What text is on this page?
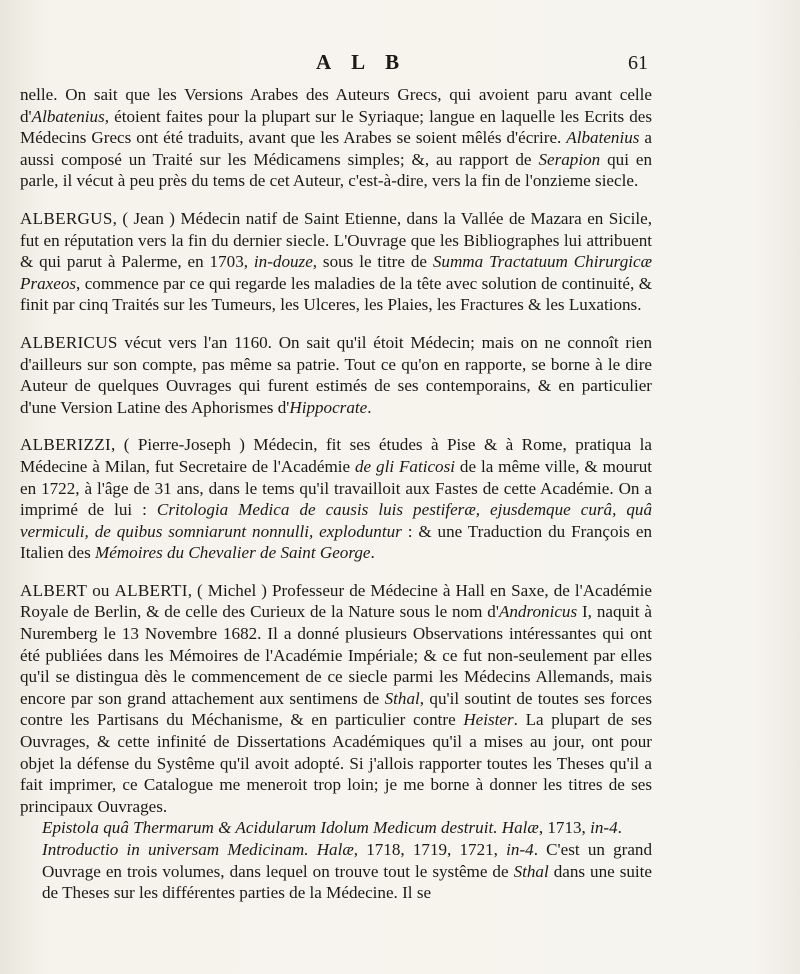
ALB	61

nelle. On sait que les Versions Arabes des Auteurs Grecs, qui avoient paru avant celle d'Albatenius, étoient faites pour la plupart sur le Syriaque; langue en laquelle les Ecrits des Médecins Grecs ont été traduits, avant que les Arabes se soient mêlés d'écrire. Albatenius a aussi composé un Traité sur les Médicamens simples; &, au rapport de Serapion qui en parle, il vécut à peu près du tems de cet Auteur, c'est-à-dire, vers la fin de l'onzieme siecle.

ALBERGUS, ( Jean ) Médecin natif de Saint Etienne, dans la Vallée de Mazara en Sicile, fut en réputation vers la fin du dernier siecle. L'Ouvrage que les Bibliographes lui attribuent & qui parut à Palerme, en 1703, in-douze, sous le titre de Summa Tractatuum Chirurgicæ Praxeos, commence par ce qui regarde les maladies de la tête avec solution de continuité, & finit par cinq Traités sur les Tumeurs, les Ulceres, les Plaies, les Fractures & les Luxations.

ALBERICUS vécut vers l'an 1160. On sait qu'il étoit Médecin; mais on ne connoît rien d'ailleurs sur son compte, pas même sa patrie. Tout ce qu'on en rapporte, se borne à le dire Auteur de quelques Ouvrages qui furent estimés de ses contemporains, & en particulier d'une Version Latine des Aphorismes d'Hippocrate.

ALBERIZZI, ( Pierre-Joseph ) Médecin, fit ses études à Pise & à Rome, pratiqua la Médecine à Milan, fut Secretaire de l'Académie de gli Faticosi de la même ville, & mourut en 1722, à l'âge de 31 ans, dans le tems qu'il travailloit aux Fastes de cette Académie. On a imprimé de lui : Critologia Medica de causis luis pestiferæ, ejusdemque curâ, quâ vermiculi, de quibus somniarunt nonnulli, exploduntur : & une Traduction du François en Italien des Mémoires du Chevalier de Saint George.

ALBERT ou ALBERTI, ( Michel ) Professeur de Médecine à Hall en Saxe, de l'Académie Royale de Berlin, & de celle des Curieux de la Nature sous le nom d'Andronicus I, naquit à Nuremberg le 13 Novembre 1682. Il a donné plusieurs Observations intéressantes qui ont été publiées dans les Mémoires de l'Académie Impériale; & ce fut non-seulement par elles qu'il se distingua dès le commencement de ce siecle parmi les Médecins Allemands, mais encore par son grand attachement aux sentimens de Sthal, qu'il soutint de toutes ses forces contre les Partisans du Méchanisme, & en particulier contre Heister. La plupart de ses Ouvrages, & cette infinité de Dissertations Académiques qu'il a mises au jour, ont pour objet la défense du Systême qu'il avoit adopté. Si j'allois rapporter toutes les Theses qu'il a fait imprimer, ce Catalogue me meneroit trop loin; je me borne à donner les titres de ses principaux Ouvrages.

Epistola quâ Thermarum & Acidularum Idolum Medicum destruit. Halæ, 1713, in-4.

Introductio in universam Medicinam. Halæ, 1718, 1719, 1721, in-4. C'est un grand Ouvrage en trois volumes, dans lequel on trouve tout le systême de Sthal dans une suite de Theses sur les différentes parties de la Médecine. Il se
